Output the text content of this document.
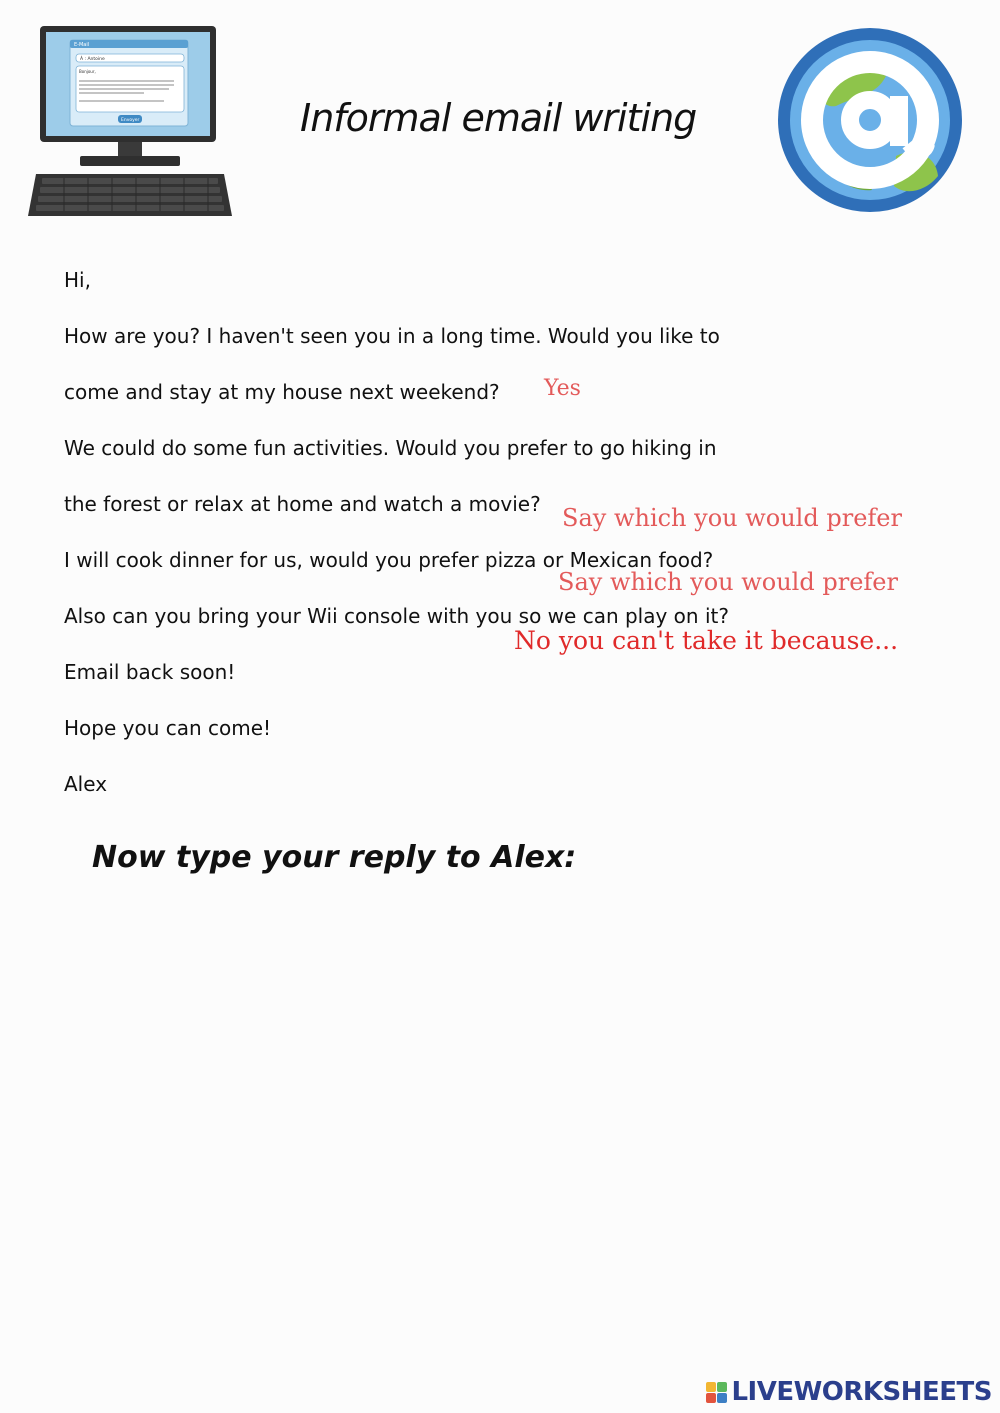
E-Mail
À : Antoine
Bonjour,
Envoyer	Informal email writing
Hi,
How are you? I haven't seen you in a long time. Would you like to
come and stay at my house next weekend?
We could do some fun activities. Would you prefer to go hiking in
the forest or relax at home and watch a movie?
I will cook dinner for us, would you prefer pizza or Mexican food?
Also can you bring your Wii console with you so we can play on it?
Email back soon!
Hope you can come!
Alex
Yes
Say which you would prefer
Say which you would prefer
No you can't take it because...
Now type your reply to Alex:
LIVEWORKSHEETS
